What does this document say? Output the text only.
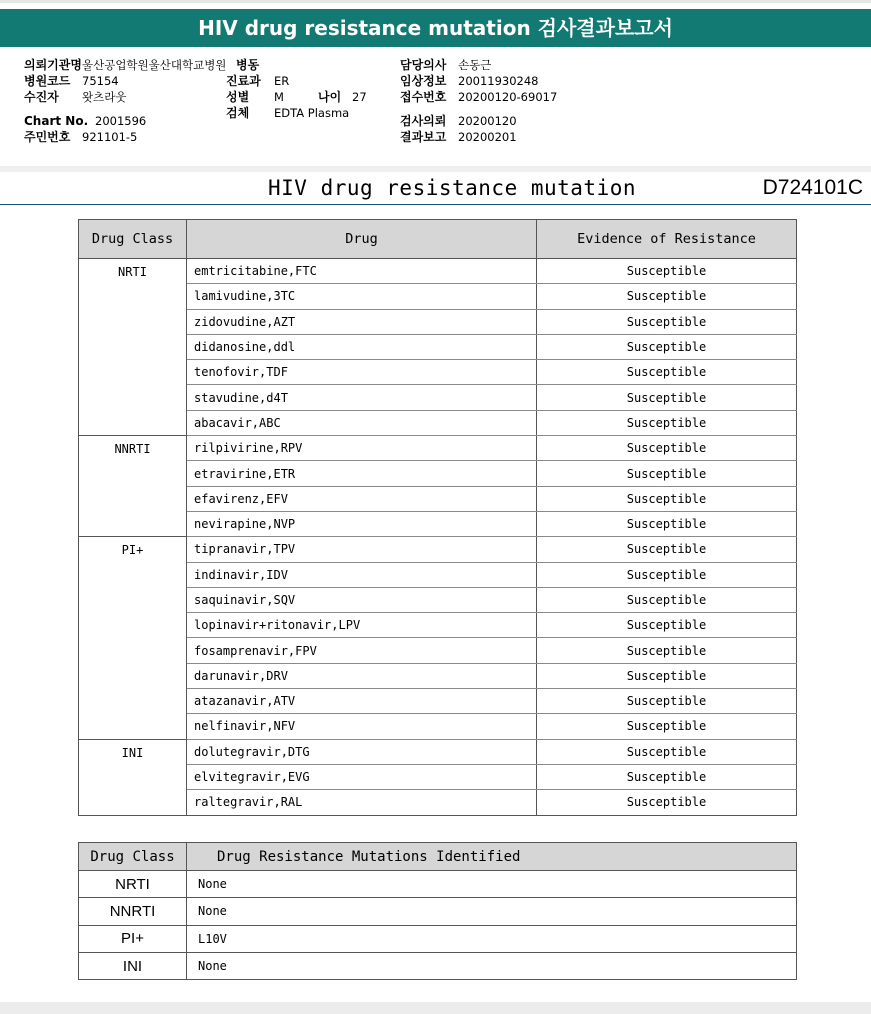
HIV drug resistance mutation 검사결과보고서
의뢰기관명울산공업학원울산대학교병원
병원코드 75154
수진자 왓츠라웃
Chart No. 2001596
주민번호 921101-5
병동
진료과 ER
성별 M	나이 27
검체 EDTA Plasma
담당의사 손동근
임상정보 20011930248
접수번호 20200120-69017
검사의뢰 20200120
결과보고 20200201
HIV drug resistance mutation	D724101C
Drug Class	Drug	Evidence of Resistance
NRTI	emtricitabine,FTC	Susceptible
	lamivudine,3TC	Susceptible
	zidovudine,AZT	Susceptible
	didanosine,ddl	Susceptible
	tenofovir,TDF	Susceptible
	stavudine,d4T	Susceptible
	abacavir,ABC	Susceptible
NNRTI	rilpivirine,RPV	Susceptible
	etravirine,ETR	Susceptible
	efavirenz,EFV	Susceptible
	nevirapine,NVP	Susceptible
PI+	tipranavir,TPV	Susceptible
	indinavir,IDV	Susceptible
	saquinavir,SQV	Susceptible
	lopinavir+ritonavir,LPV	Susceptible
	fosamprenavir,FPV	Susceptible
	darunavir,DRV	Susceptible
	atazanavir,ATV	Susceptible
	nelfinavir,NFV	Susceptible
INI	dolutegravir,DTG	Susceptible
	elvitegravir,EVG	Susceptible
	raltegravir,RAL	Susceptible
Drug Class	Drug Resistance Mutations Identified
NRTI	None
NNRTI	None
PI+	L10V
INI	None
